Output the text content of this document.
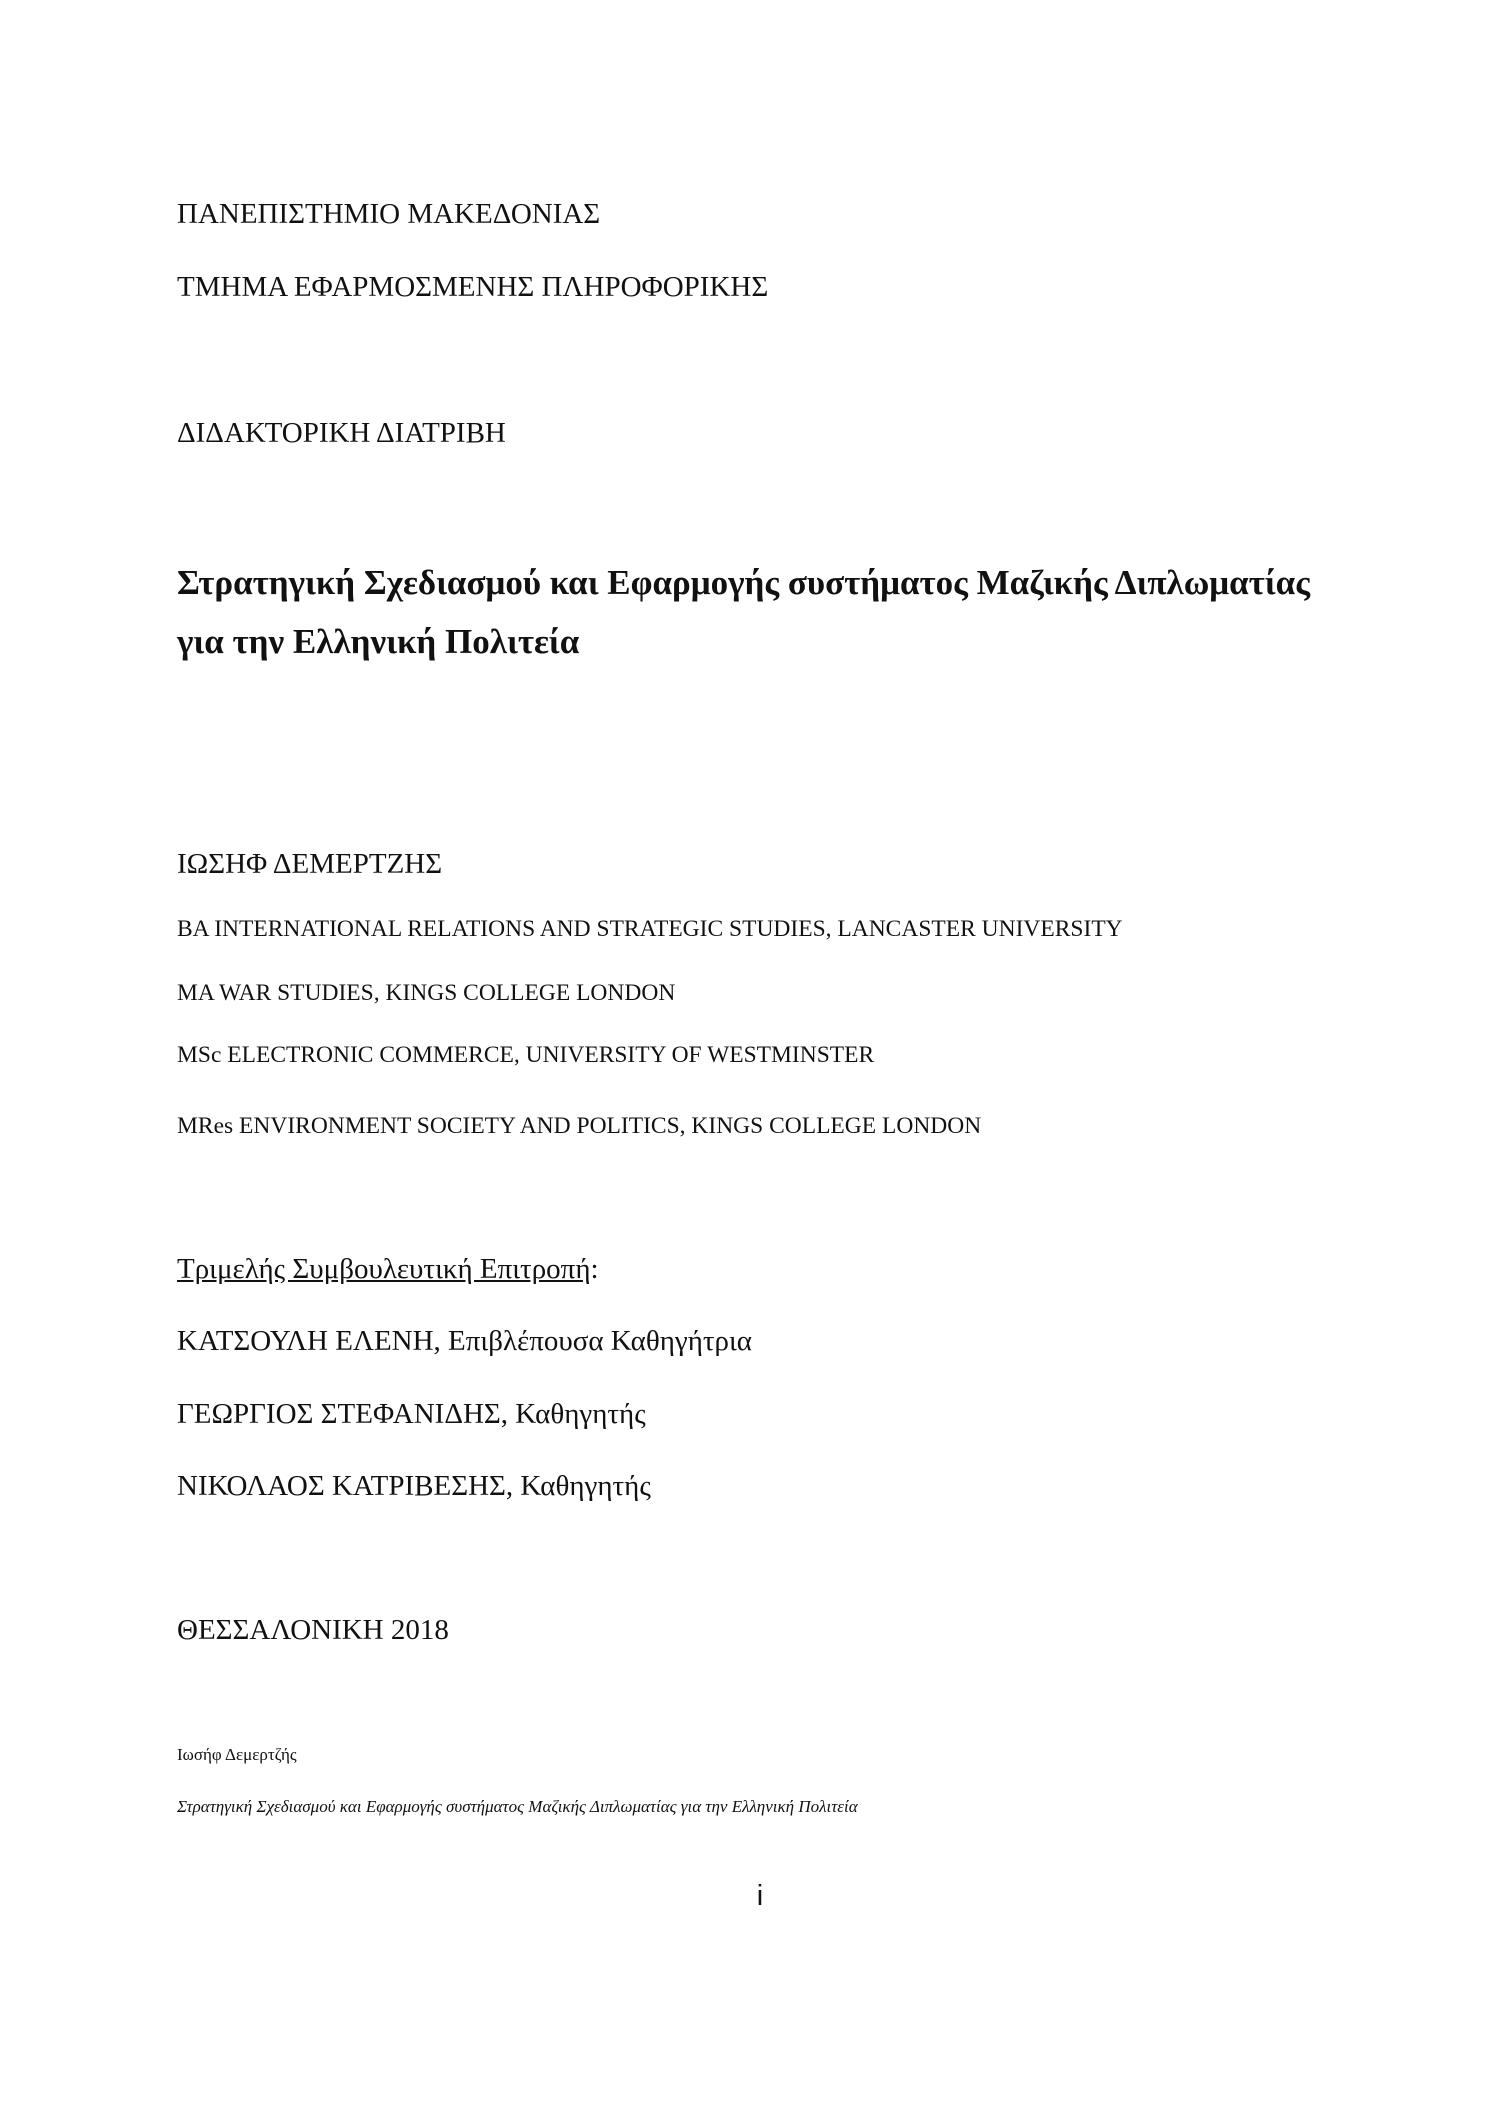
ΠΑΝΕΠΙΣΤΗΜΙΟ ΜΑΚΕΔΟΝΙΑΣ

ΤΜΗΜΑ ΕΦΑΡΜΟΣΜΕΝΗΣ ΠΛΗΡΟΦΟΡΙΚΗΣ

ΔΙΔΑΚΤΟΡΙΚΗ ΔΙΑΤΡΙΒΗ

Στρατηγική Σχεδιασμού και Εφαρμογής συστήματος Μαζικής Διπλωματίας

για την Ελληνική Πολιτεία

ΙΩΣΗΦ ΔΕΜΕΡΤΖΗΣ

BA INTERNATIONAL RELATIONS AND STRATEGIC STUDIES, LANCASTER UNIVERSITY

MA WAR STUDIES, KINGS COLLEGE LONDON

MSc ELECTRONIC COMMERCE, UNIVERSITY OF WESTMINSTER

MRes ENVIRONMENT SOCIETY AND POLITICS, KINGS COLLEGE LONDON

Τριμελής Συμβουλευτική Επιτροπή:

ΚΑΤΣΟΥΛΗ ΕΛΕΝΗ, Επιβλέπουσα Καθηγήτρια

ΓΕΩΡΓΙΟΣ ΣΤΕΦΑΝΙΔΗΣ, Καθηγητής

ΝΙΚΟΛΑΟΣ ΚΑΤΡΙΒΕΣΗΣ, Καθηγητής

ΘΕΣΣΑΛΟΝΙΚΗ 2018

Ιωσήφ Δεμερτζής

Στρατηγική Σχεδιασμού και Εφαρμογής συστήματος Μαζικής Διπλωματίας για την Ελληνική Πολιτεία

i
